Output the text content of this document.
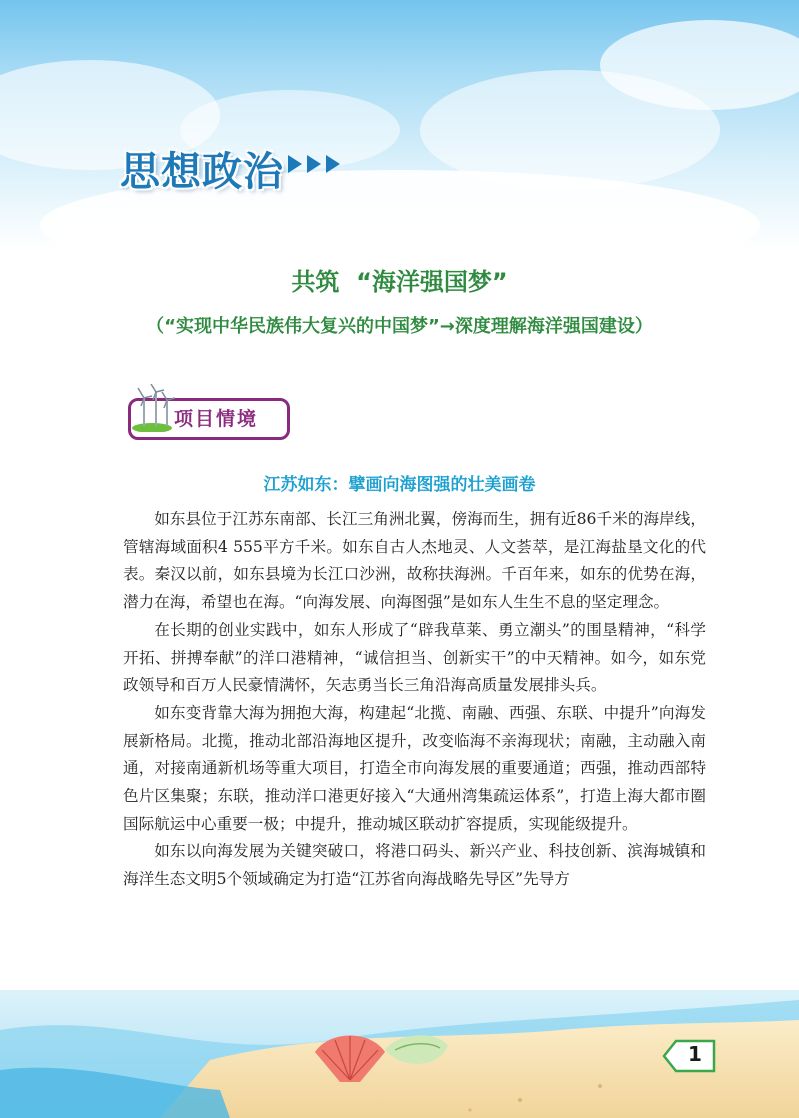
思想政治
共筑  “海洋强国梦”
（“实现中华民族伟大复兴的中国梦”→深度理解海洋强国建设）
项目情境
江苏如东：擘画向海图强的壮美画卷

如东县位于江苏东南部、长江三角洲北翼，傍海而生，拥有近86千米的海岸线，管辖海域面积4 555平方千米。如东自古人杰地灵、人文荟萃，是江海盐垦文化的代表。秦汉以前，如东县境为长江口沙洲，故称扶海洲。千百年来，如东的优势在海，潜力在海，希望也在海。“向海发展、向海图强”是如东人生生不息的坚定理念。

在长期的创业实践中，如东人形成了“辟我草莱、勇立潮头”的围垦精神，“科学开拓、拼搏奉献”的洋口港精神，“诚信担当、创新实干”的中天精神。如今，如东党政领导和百万人民豪情满怀，矢志勇当长三角沿海高质量发展排头兵。

如东变背靠大海为拥抱大海，构建起“北揽、南融、西强、东联、中提升”向海发展新格局。北揽，推动北部沿海地区提升，改变临海不亲海现状；南融，主动融入南通，对接南通新机场等重大项目，打造全市向海发展的重要通道；西强，推动西部特色片区集聚；东联，推动洋口港更好接入“大通州湾集疏运体系”，打造上海大都市圈国际航运中心重要一极；中提升，推动城区联动扩容提质，实现能级提升。

如东以向海发展为关键突破口，将港口码头、新兴产业、科技创新、滨海城镇和海洋生态文明5个领域确定为打造“江苏省向海战略先导区”先导方

1
